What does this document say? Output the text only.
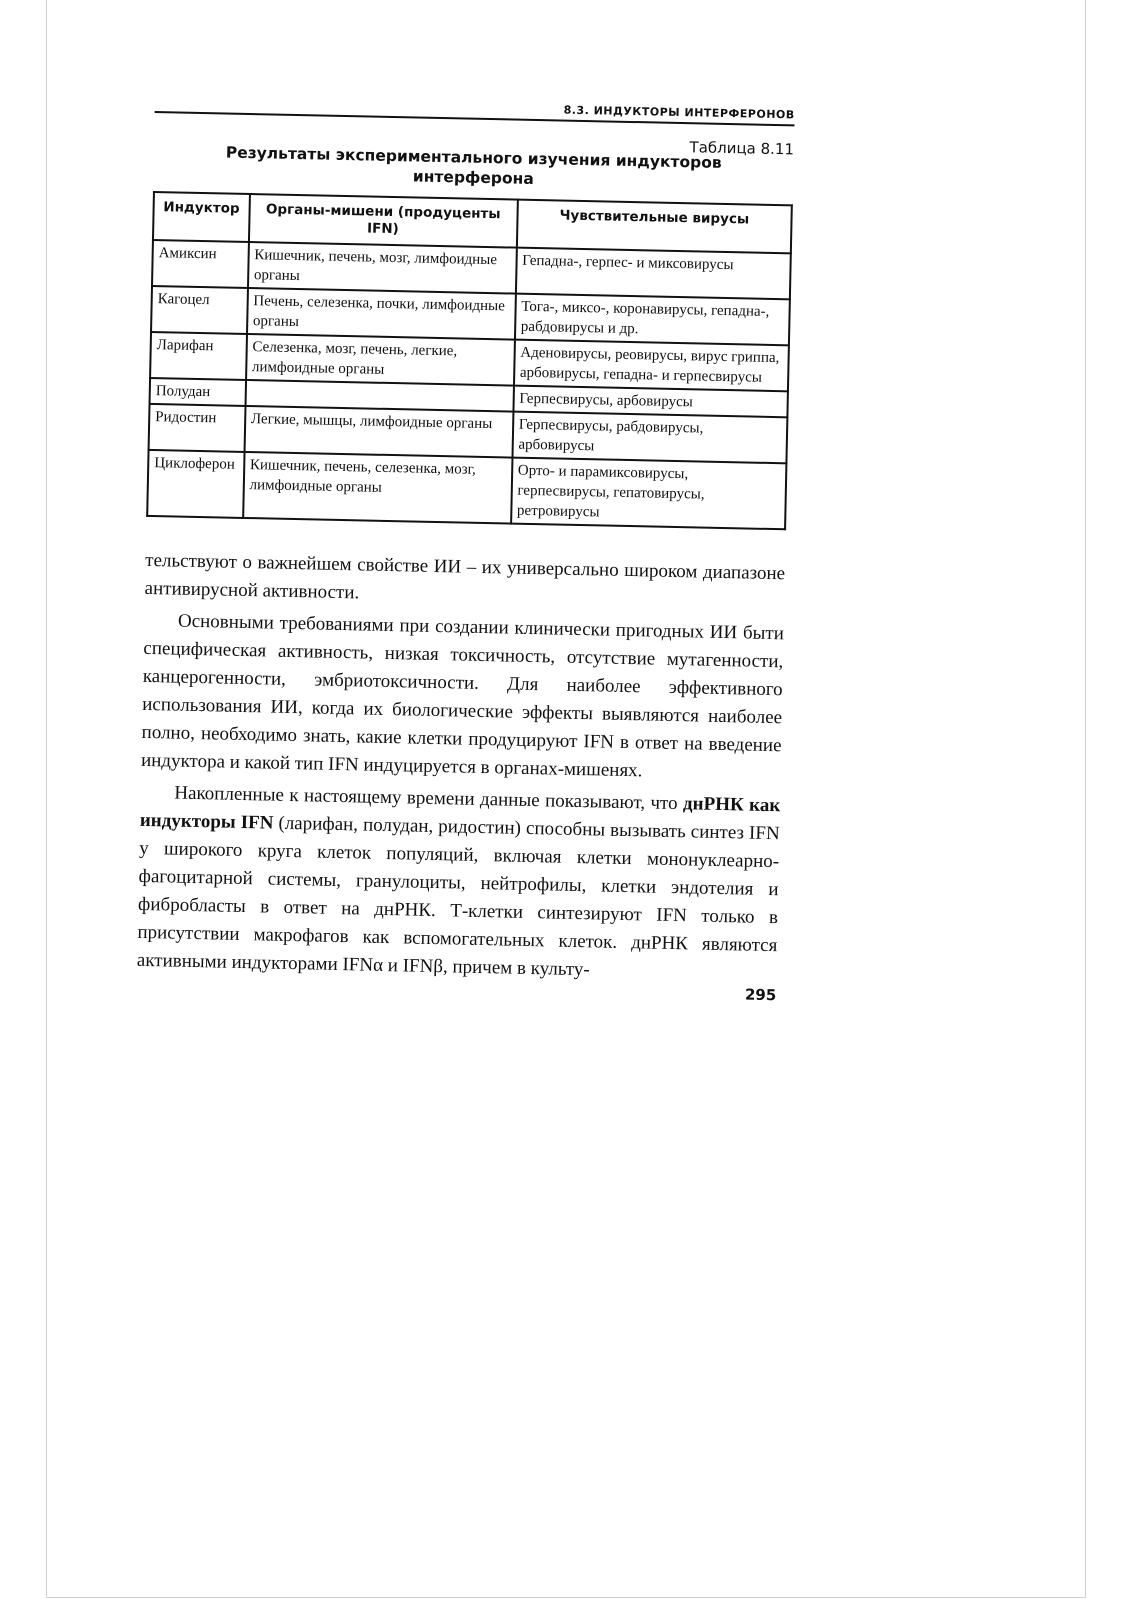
8.3. ИНДУКТОРЫ ИНТЕРФЕРОНОВ
Таблица 8.11
Результаты экспериментального изучения индукторов интерферона
Индуктор	Органы-мишени (продуценты IFN)	Чувствительные вирусы
Амиксин	Кишечник, печень, мозг, лимфоидные органы	Гепадна-, герпес- и миксовирусы
Кагоцел	Печень, селезенка, почки, лимфоидные органы	Тога-, миксо-, коронавирусы, гепадна-, рабдовирусы и др.
Ларифан	Селезенка, мозг, печень, легкие, лимфоидные органы	Аденовирусы, реовирусы, вирус гриппа, арбовирусы, гепадна- и герпесвирусы
Полудан		Герпесвирусы, арбовирусы
Ридостин	Легкие, мышцы, лимфоидные органы	Герпесвирусы, рабдовирусы, арбовирусы
Циклоферон	Кишечник, печень, селезенка, мозг, лимфоидные органы	Орто- и парамиксовирусы, герпесвирусы, гепатовирусы, ретровирусы

тельствуют о важнейшем свойстве ИИ – их универсально широком диапазоне антивирусной активности.

Основными требованиями при создании клинически пригодных ИИ быти специфическая активность, низкая токсичность, отсутствие мутагенности, канцерогенности, эмбриотоксичности. Для наиболее эффективного использования ИИ, когда их биологические эффекты выявляются наиболее полно, необходимо знать, какие клетки продуцируют IFN в ответ на введение индуктора и какой тип IFN индуцируется в органах-мишенях.

Накопленные к настоящему времени данные показывают, что днРНК как индукторы IFN (ларифан, полудан, ридостин) способны вызывать синтез IFN у широкого круга клеток популяций, включая клетки мононуклеарно-фагоцитарной системы, гранулоциты, нейтрофилы, клетки эндотелия и фибробласты в ответ на днРНК. Т-клетки синтезируют IFN только в присутствии макрофагов как вспомогательных клеток. днРНК являются активными индукторами IFNα и IFNβ, причем в культу-

295
